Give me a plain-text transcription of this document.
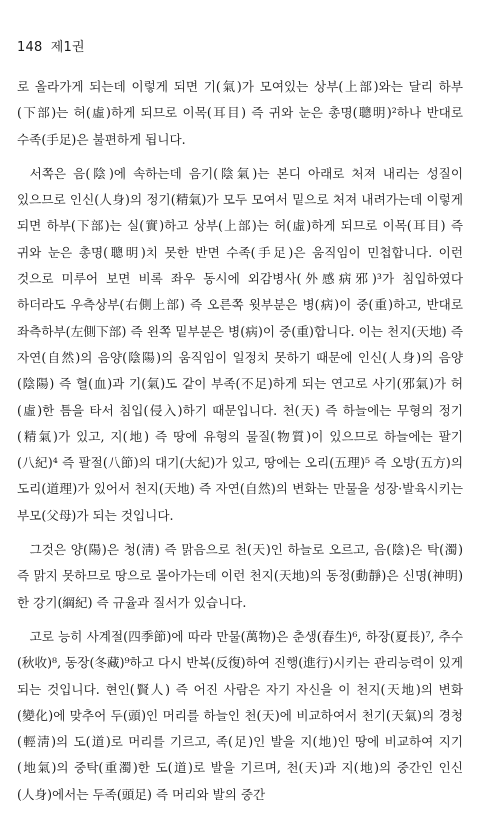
148 제1권

로 올라가게 되는데 이렇게 되면 기(氣)가 모여있는 상부(上部)와는 달리 하부(下部)는 허(虛)하게 되므로 이목(耳目) 즉 귀와 눈은 총명(聰明)²하나 반대로 수족(手足)은 불편하게 됩니다.

서쪽은 음(陰)에 속하는데 음기(陰氣)는 본디 아래로 처져 내리는 성질이 있으므로 인신(人身)의 정기(精氣)가 모두 모여서 밑으로 처져 내려가는데 이렇게 되면 하부(下部)는 실(實)하고 상부(上部)는 허(虛)하게 되므로 이목(耳目) 즉 귀와 눈은 총명(聰明)치 못한 반면 수족(手足)은 움직임이 민첩합니다. 이런 것으로 미루어 보면 비록 좌우 동시에 외감병사(外感病邪)³가 침입하였다 하더라도 우측상부(右側上部) 즉 오른쪽 윗부분은 병(病)이 중(重)하고, 반대로 좌측하부(左側下部) 즉 왼쪽 밑부분은 병(病)이 중(重)합니다. 이는 천지(天地) 즉 자연(自然)의 음양(陰陽)의 움직임이 일정치 못하기 때문에 인신(人身)의 음양(陰陽) 즉 혈(血)과 기(氣)도 같이 부족(不足)하게 되는 연고로 사기(邪氣)가 허(虛)한 틈을 타서 침입(侵入)하기 때문입니다. 천(天) 즉 하늘에는 무형의 정기(精氣)가 있고, 지(地) 즉 땅에 유형의 물질(物質)이 있으므로 하늘에는 팔기(八紀)⁴ 즉 팔절(八節)의 대기(大紀)가 있고, 땅에는 오리(五理)⁵ 즉 오방(五方)의 도리(道理)가 있어서 천지(天地) 즉 자연(自然)의 변화는 만물을 성장·발육시키는 부모(父母)가 되는 것입니다.

그것은 양(陽)은 청(淸) 즉 맑음으로 천(天)인 하늘로 오르고, 음(陰)은 탁(濁) 즉 맑지 못하므로 땅으로 몰아가는데 이런 천지(天地)의 동정(動靜)은 신명(神明)한 강기(綱紀) 즉 규율과 질서가 있습니다.

고로 능히 사계절(四季節)에 따라 만물(萬物)은 춘생(春生)⁶, 하장(夏長)⁷, 추수(秋收)⁸, 동장(冬藏)⁹하고 다시 반복(反復)하여 진행(進行)시키는 관리능력이 있게 되는 것입니다. 현인(賢人) 즉 어진 사람은 자기 자신을 이 천지(天地)의 변화(變化)에 맞추어 두(頭)인 머리를 하늘인 천(天)에 비교하여서 천기(天氣)의 경청(輕淸)의 도(道)로 머리를 기르고, 족(足)인 발을 지(地)인 땅에 비교하여 지기(地氣)의 중탁(重濁)한 도(道)로 발을 기르며, 천(天)과 지(地)의 중간인 인신(人身)에서는 두족(頭足) 즉 머리와 발의 중간
